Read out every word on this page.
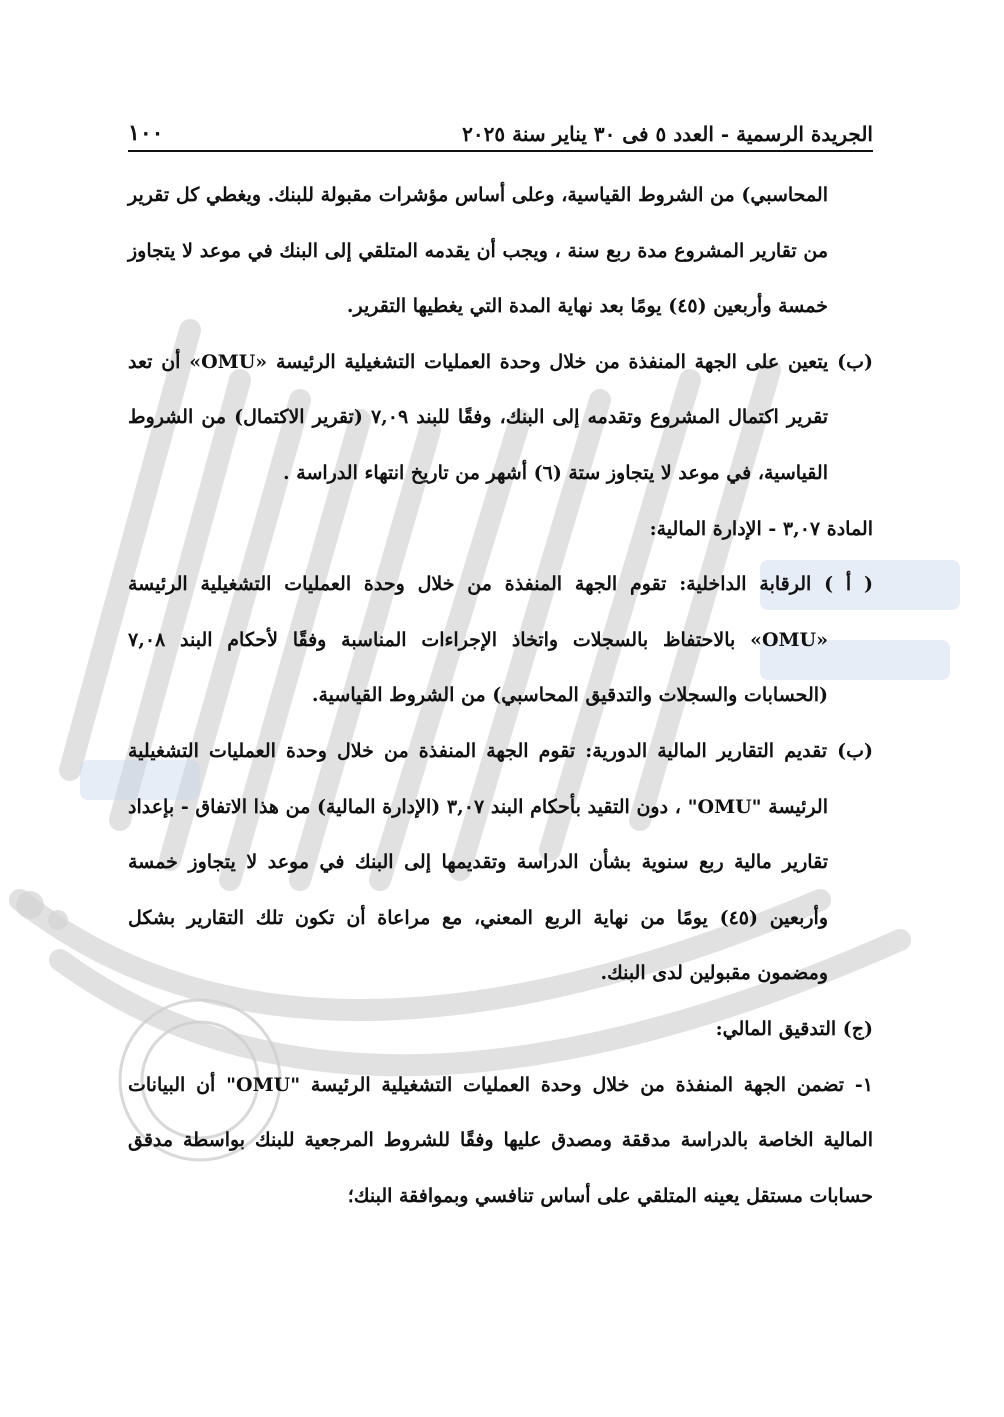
الجريدة الرسمية - العدد ٥ فى ٣٠ يناير سنة ٢٠٢٥
١٠٠

المحاسبي) من الشروط القياسية، وعلى أساس مؤشرات مقبولة للبنك. ويغطي كل تقرير من تقارير المشروع مدة ربع سنة ، ويجب أن يقدمه المتلقي إلى البنك في موعد لا يتجاوز خمسة وأربعين (٤٥) يومًا بعد نهاية المدة التي يغطيها التقرير.

(ب) يتعين على الجهة المنفذة من خلال وحدة العمليات التشغيلية الرئيسة «OMU» أن تعد تقرير اكتمال المشروع وتقدمه إلى البنك، وفقًا للبند ٧,٠٩ (تقرير الاكتمال) من الشروط القياسية، في موعد لا يتجاوز ستة (٦) أشهر من تاريخ انتهاء الدراسة .

المادة ٣,٠٧ - الإدارة المالية:

( أ ) الرقابة الداخلية: تقوم الجهة المنفذة من خلال وحدة العمليات التشغيلية الرئيسة «OMU» بالاحتفاظ بالسجلات واتخاذ الإجراءات المناسبة وفقًا لأحكام البند ٧,٠٨ (الحسابات والسجلات والتدقيق المحاسبي) من الشروط القياسية.

(ب) تقديم التقارير المالية الدورية: تقوم الجهة المنفذة من خلال وحدة العمليات التشغيلية الرئيسة "OMU" ، دون التقيد بأحكام البند ٣,٠٧ (الإدارة المالية) من هذا الاتفاق - بإعداد تقارير مالية ربع سنوية بشأن الدراسة وتقديمها إلى البنك في موعد لا يتجاوز خمسة وأربعين (٤٥) يومًا من نهاية الربع المعني، مع مراعاة أن تكون تلك التقارير بشكل ومضمون مقبولين لدى البنك.

(ج) التدقيق المالي:

١- تضمن الجهة المنفذة من خلال وحدة العمليات التشغيلية الرئيسة "OMU" أن البيانات المالية الخاصة بالدراسة مدققة ومصدق عليها وفقًا للشروط المرجعية للبنك بواسطة مدقق حسابات مستقل يعينه المتلقي على أساس تنافسي وبموافقة البنك؛
